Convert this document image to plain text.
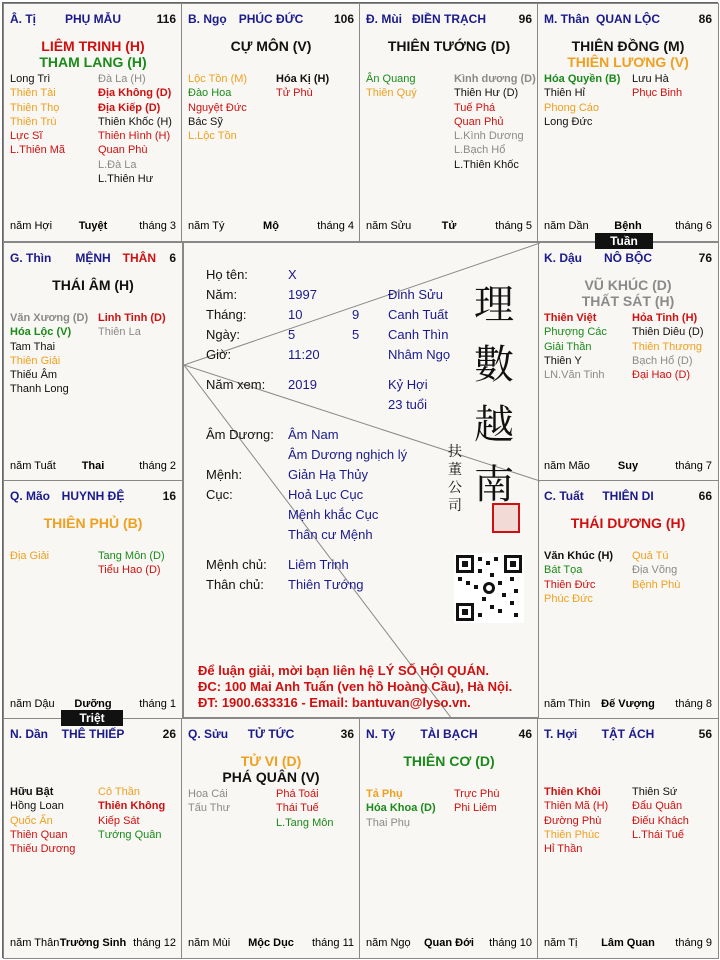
Â. Tị PHỤ MẪU	116
LIÊM TRINH (H)
THAM LANG (H)
Long Trì
Thiên Tài
Thiên Thọ
Thiên Trù
Lực Sĩ
L.Thiên Mã
Đà La (H)
Địa Không (D)
Địa Kiếp (D)
Thiên Khốc (H)
Thiên Hình (H)
Quan Phù
L.Đà La
L.Thiên Hư
năm Hợi Tuyệt	tháng 3
B. Ngọ PHÚC ĐỨC	106
CỰ MÔN (V)
Lộc Tồn (M)
Đào Hoa
Nguyệt Đức
Bác Sỹ
L.Lộc Tồn
Hóa Kị (H)
Tử Phù
năm Tý	Mộ	tháng 4
Đ. Mùi ĐIỀN TRẠCH	96
THIÊN TƯỚNG (D)
Ân Quang
Thiên Quý
Kình dương (D)
Thiên Hư (D)
Tuế Phá
Quan Phủ
L.Kình Dương
L.Bạch Hổ
L.Thiên Khốc
năm Sửu	Tử	tháng 5
M. Thân QUAN LỘC	86
THIÊN ĐỒNG (M)
THIÊN LƯƠNG (V)
Hóa Quyền (B)
Thiên Hỉ
Phong Cáo
Long Đức
Lưu Hà
Phục Binh
năm Dần Bệnh	tháng 6
G. Thìn MỆNH THÂN 6
THÁI ÂM (H)
Văn Xương (D)
Hóa Lộc (V)
Tam Thai
Thiên Giải
Thiếu Âm
Thanh Long
Linh Tinh (D)
Thiên La
năm Tuất Thai	tháng 2
K. Dậu NÔ BỘC	76
VŨ KHÚC (D)
THẤT SÁT (H)
Thiên Việt
Phượng Các
Giải Thần
Thiên Y
LN.Văn Tinh
Hỏa Tinh (H)
Thiên Diêu (D)
Thiên Thương
Bạch Hổ (D)
Đại Hao (D)
năm Mão	Suy	tháng 7
Q. Mão HUYNH ĐỆ	16
THIÊN PHỦ (B)
Địa Giải	Tang Môn (D)
Tiểu Hao (D)
năm Dậu Dưỡng	tháng 1
C. Tuất THIÊN DI	66
THÁI DƯƠNG (H)
Văn Khúc (H)
Bát Tọa
Thiên Đức
Phúc Đức
Quả Tú
Địa Võng
Bệnh Phù
năm Thìn Đế Vượng tháng 8
N. Dần THÊ THIẾP	26
Hữu Bật
Hồng Loan
Quốc Ấn
Thiên Quan
Thiếu Dương
Cô Thần
Thiên Không
Kiếp Sát
Tướng Quân
năm Thân Trường Sinh tháng 12
Q. Sửu TỬ TỨC	36
TỬ VI (D)
PHÁ QUÂN (V)
Hoa Cái
Tấu Thư
Phá Toái
Thái Tuế
L.Tang Môn
năm Mùi Mộc Dục tháng 11
N. Tý TÀI BẠCH	46
THIÊN CƠ (D)
Tả Phụ
Hóa Khoa (D)
Thai Phụ
Trực Phù
Phi Liêm
năm Ngọ Quan Đới tháng 10
T. Hợi TẬT ÁCH	56
Thiên Khôi
Thiên Mã (H)
Đường Phù
Thiên Phúc
Hỉ Thần
Thiên Sứ
Đẩu Quân
Điếu Khách
L.Thái Tuế
năm Tị Lâm Quan tháng 9
Họ tên:	X
Năm:	1997	Đinh Sửu
Tháng:	10	9 Canh Tuất
Ngày:	5	5 Canh Thìn
Giờ:	11:20	Nhâm Ngọ
Năm xem: 2019	Kỷ Hợi
23 tuổi
Âm Dương: Âm Nam
Âm Dương nghịch lý
Mệnh:	Giản Hạ Thủy
Cục:	Hoả Lục Cục
Mệnh khắc Cục
Thân cư Mệnh
Mệnh chủ: Liêm Trinh
Thân chủ: Thiên Tướng
理
數
越
南
扶 董 公 司
Để luận giải, mời bạn liên hệ LÝ SỐ HỘI QUÁN.
ĐC: 100 Mai Anh Tuấn (ven hồ Hoàng Cầu), Hà Nội.
ĐT: 1900.633316 - Email: bantuvan@lyso.vn.
Tuần
Triệt
